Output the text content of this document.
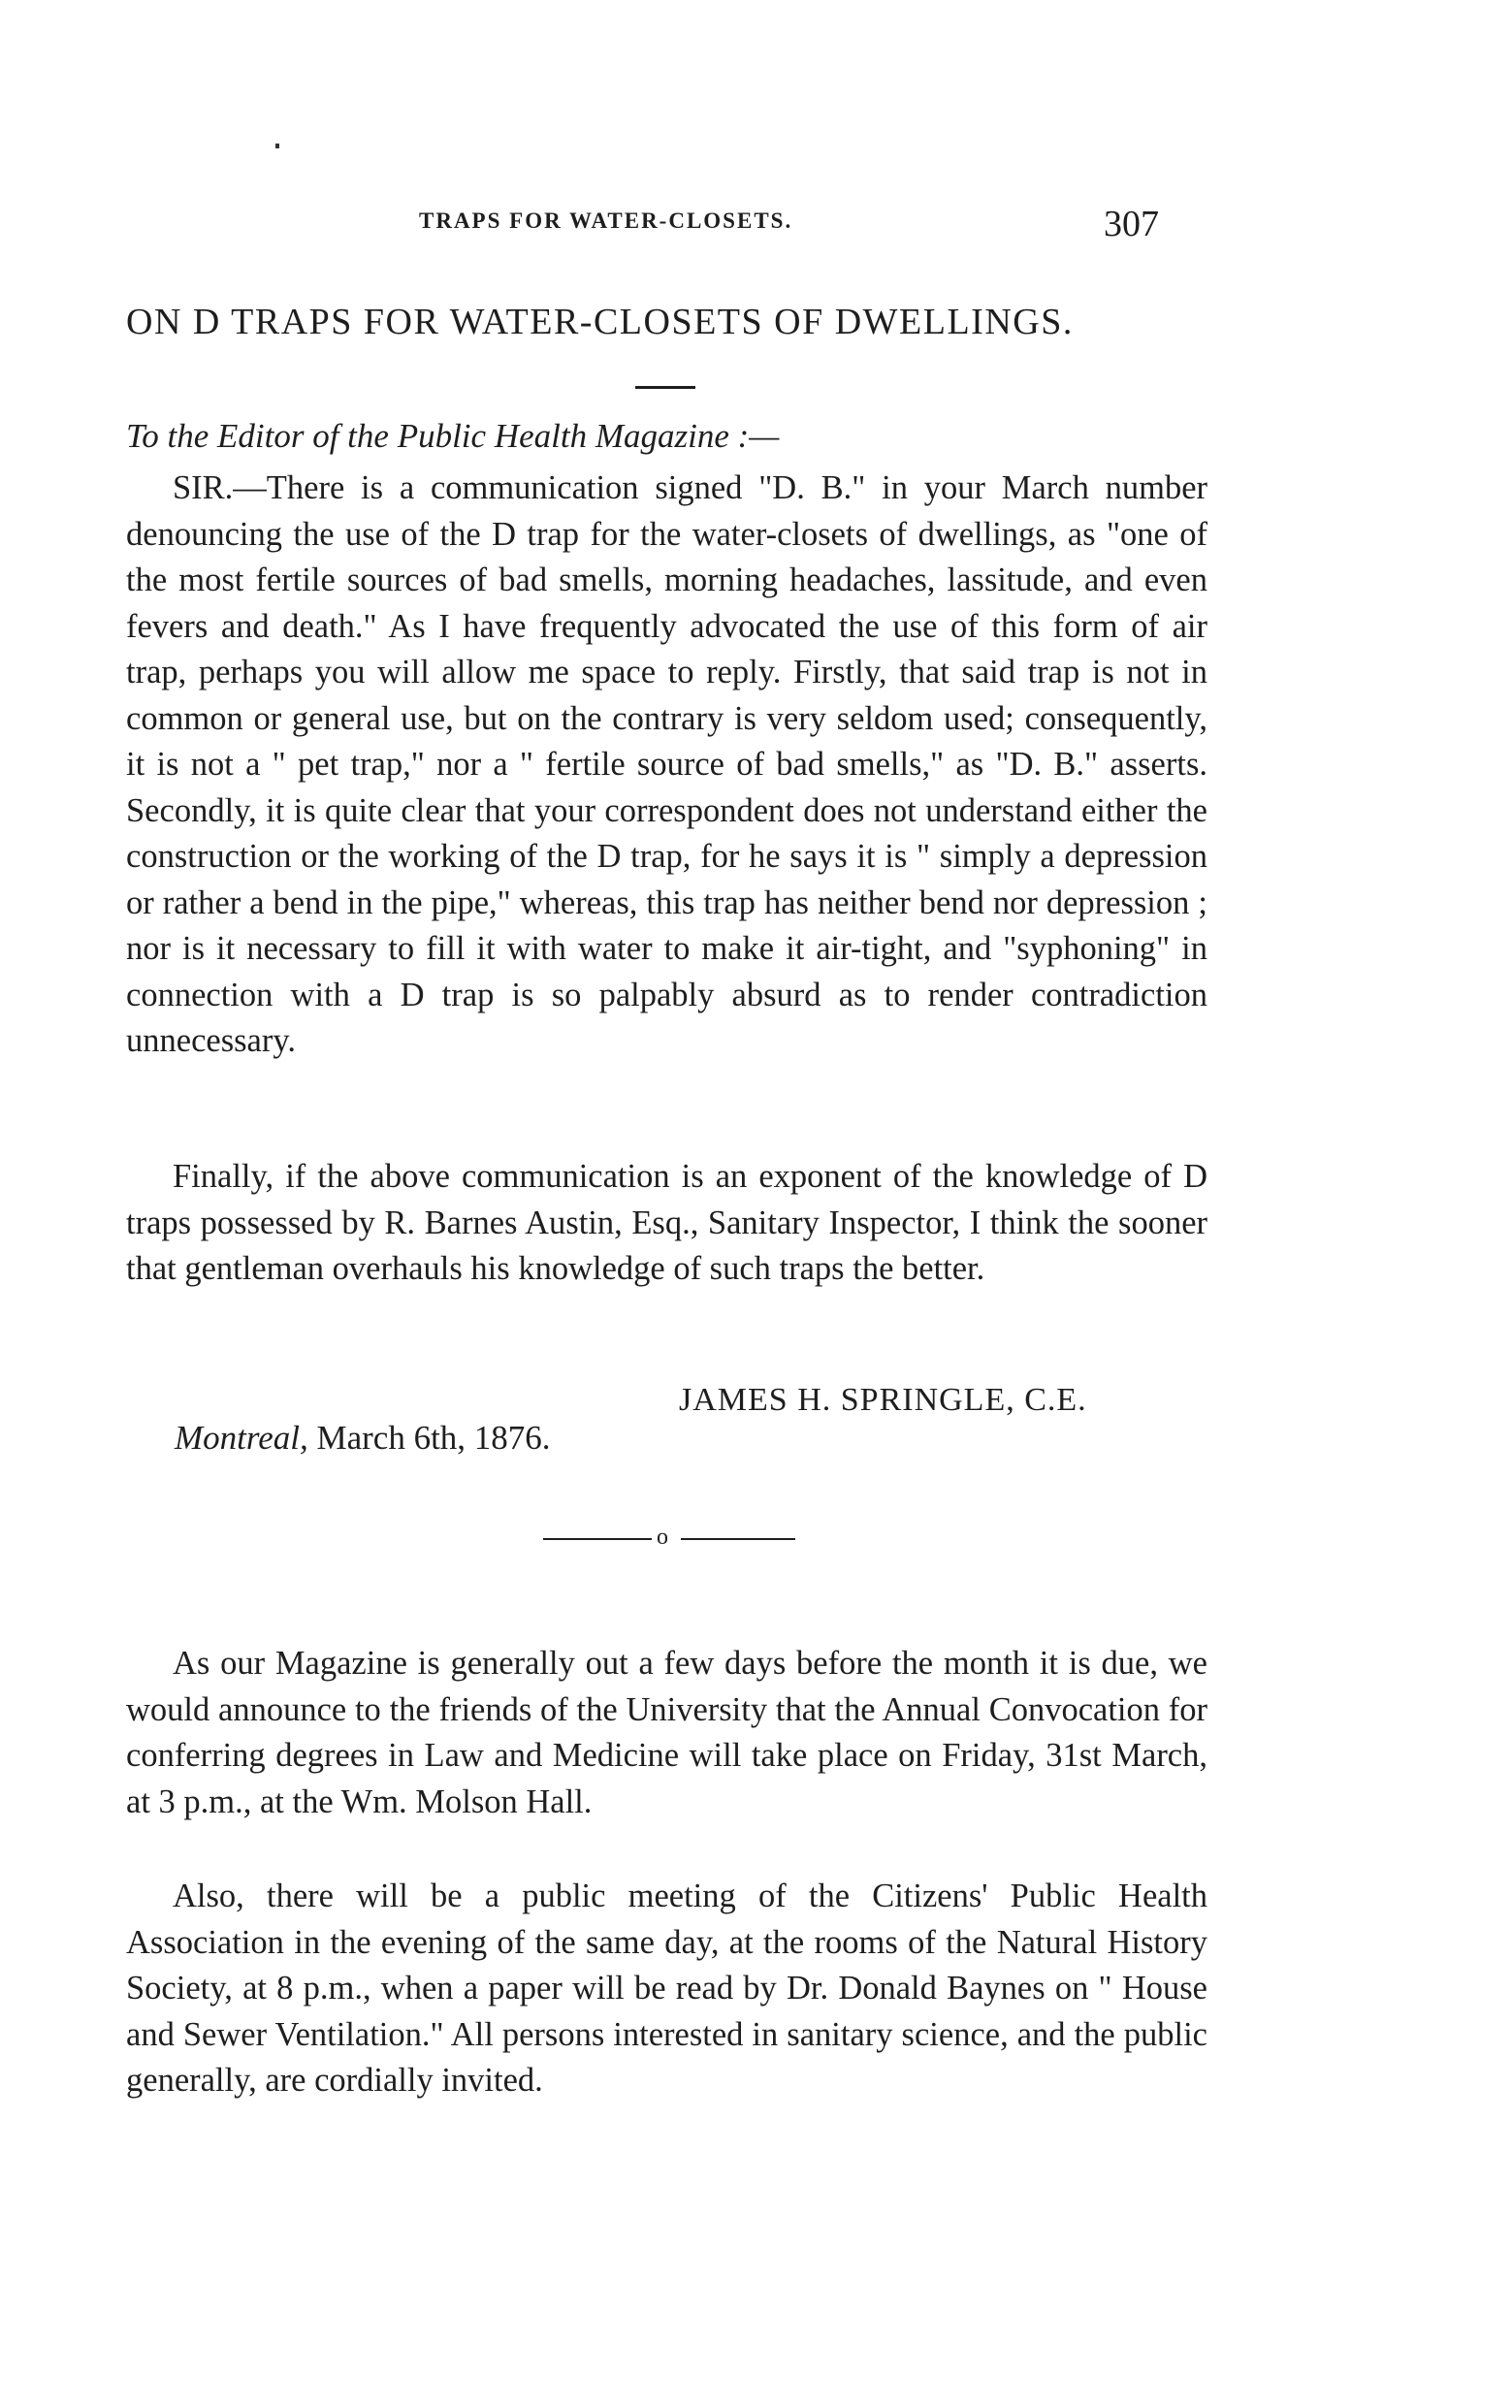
TRAPS FOR WATER-CLOSETS.	307
ON D TRAPS FOR WATER-CLOSETS OF DWELLINGS.
To the Editor of the Public Health Magazine :—

SIR.—There is a communication signed "D. B." in your March number denouncing the use of the D trap for the water-closets of dwellings, as "one of the most fertile sources of bad smells, morning headaches, lassitude, and even fevers and death." As I have frequently advocated the use of this form of air trap, perhaps you will allow me space to reply. Firstly, that said trap is not in common or general use, but on the contrary is very seldom used; consequently, it is not a " pet trap," nor a " fertile source of bad smells," as "D. B." asserts. Secondly, it is quite clear that your correspondent does not understand either the construction or the working of the D trap, for he says it is " simply a depression or rather a bend in the pipe," whereas, this trap has neither bend nor depression ; nor is it necessary to fill it with water to make it air-tight, and "syphoning" in connection with a D trap is so palpably absurd as to render contradiction unnecessary.

Finally, if the above communication is an exponent of the knowledge of D traps possessed by R. Barnes Austin, Esq., Sanitary Inspector, I think the sooner that gentleman overhauls his knowledge of such traps the better.

JAMES H. SPRINGLE, C.E.
Montreal, March 6th, 1876.
o

As our Magazine is generally out a few days before the month it is due, we would announce to the friends of the University that the Annual Convocation for conferring degrees in Law and Medicine will take place on Friday, 31st March, at 3 p.m., at the Wm. Molson Hall.

Also, there will be a public meeting of the Citizens' Public Health Association in the evening of the same day, at the rooms of the Natural History Society, at 8 p.m., when a paper will be read by Dr. Donald Baynes on " House and Sewer Ventilation." All persons interested in sanitary science, and the public generally, are cordially invited.
